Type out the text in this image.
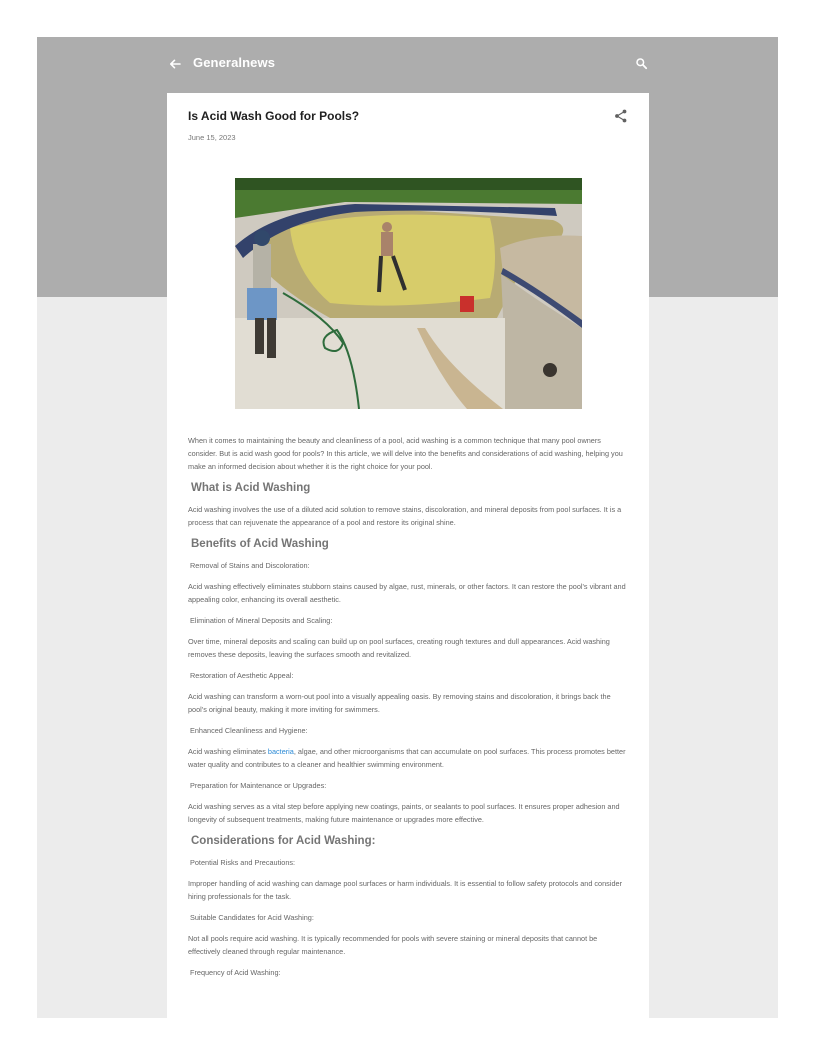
Generalnews
Is Acid Wash Good for Pools?
June 15, 2023

When it comes to maintaining the beauty and cleanliness of a pool, acid washing is a common technique that many pool owners consider. But is acid wash good for pools? In this article, we will delve into the benefits and considerations of acid washing, helping you make an informed decision about whether it is the right choice for your pool.

What is Acid Washing

Acid washing involves the use of a diluted acid solution to remove stains, discoloration, and mineral deposits from pool surfaces. It is a process that can rejuvenate the appearance of a pool and restore its original shine.

Benefits of Acid Washing

Removal of Stains and Discoloration:

Acid washing effectively eliminates stubborn stains caused by algae, rust, minerals, or other factors. It can restore the pool's vibrant and appealing color, enhancing its overall aesthetic.

Elimination of Mineral Deposits and Scaling:

Over time, mineral deposits and scaling can build up on pool surfaces, creating rough textures and dull appearances. Acid washing removes these deposits, leaving the surfaces smooth and revitalized.

Restoration of Aesthetic Appeal:

Acid washing can transform a worn-out pool into a visually appealing oasis. By removing stains and discoloration, it brings back the pool's original beauty, making it more inviting for swimmers.

Enhanced Cleanliness and Hygiene:

Acid washing eliminates bacteria, algae, and other microorganisms that can accumulate on pool surfaces. This process promotes better water quality and contributes to a cleaner and healthier swimming environment.

Preparation for Maintenance or Upgrades:

Acid washing serves as a vital step before applying new coatings, paints, or sealants to pool surfaces. It ensures proper adhesion and longevity of subsequent treatments, making future maintenance or upgrades more effective.

Considerations for Acid Washing:

Potential Risks and Precautions:

Improper handling of acid washing can damage pool surfaces or harm individuals. It is essential to follow safety protocols and consider hiring professionals for the task.

Suitable Candidates for Acid Washing:

Not all pools require acid washing. It is typically recommended for pools with severe staining or mineral deposits that cannot be effectively cleaned through regular maintenance.

Frequency of Acid Washing:
